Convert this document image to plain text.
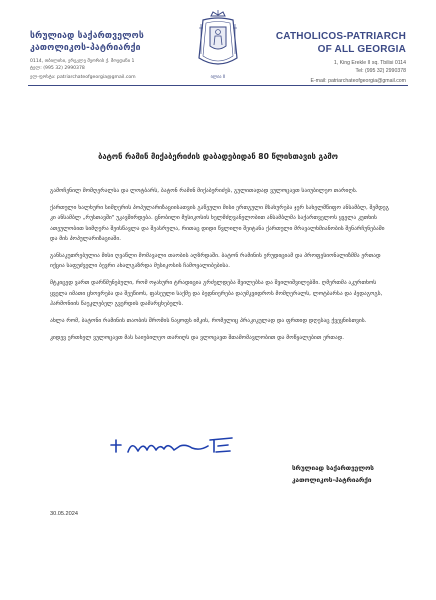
სრულიად საქართველოს
კათოლიკოს-პატრიარქი
0114, თბილისი, ერეკლე მეორის ქ. მოედანი 1
ტელ: (995 32) 2990378
ელ-ფოსტა: patriarchateofgeorgia@gmail.com	ილია II
CATHOLICOS-PATRIARCH
OF ALL GEORGIA
1, King Erekle II sq. Tbilisi 0114
Tel: (995 32) 2990378
E-mail: patriarchateofgeorgia@gmail.com
ბატონ რამინ მიქაბერიძის დაბადებიდან 80 წლისთავის გამო

გამოჩენილ მომღერალსა და ლოტბარს, ბატონ რამინ მიქაბერიძეს, გულითადად ვულოცავთ საიუბილეო თარიღს.

ქართული ხალხური სიმღერის პოპულარიზაციისათვის გაწეული მისი ერთგული მსახურება ჯერ სახელმწიფო ანსამბლ, შემდეგ კი ანსამბლ „რუსთავში" უკავშირდება. ცნობილი მუსიკოსის ხელმძღვანელობით ანსამბლმა საქართველოს ყველა კუთხის ათეულობით სიმღერა შეისწავლა და შეასრულა, რითაც დიდი წვლილი შეიტანა ქართული მრავალხმიანობის შენარჩუნებაში და მის პოპულარიზაციაში.

განსაკუთრებულია მისი ღვაწლი მომავალი თაობის აღზრდაში. ბატონ რამინის ერუდიციამ და პროფესიონალიზმმა ერთად იქცია საფუძველი ბევრი ახალგაზრდა მუსიკოსის ჩამოყალიბებისა.

მტკიცედ ვართ დარწმუნებული, რომ ოჯახური ტრადიცია გრძელდება შვილებსა და შვილიშვილებში. ღმერთმა აკურთხოს ყველა იმათი ცხოვრება და შეეწიოს, ფასეული საქმე და ბედნიერება დაუმკვიდროს მომღერალს, ლოტბარსა და პედაგოგს, ჰარმონიის წაუკლებელ გვერდის დამარცხებელს.

ახლა რომ, ბატონი რამინის თაობის შრომის ნაყოფს იმკის, რომელიც პრაკიკულად და ფრთიდ დღესაც ქვეყნისთვის.

კიდევ ერთხელ ვულოცავთ მას საიუბილეო თარიღს და ვლოცავთ შთამომავლობით და მოწყალებით ერთად.

სრულიად საქართველოს
კათოლიკოს-პატრიარქი
30.05.2024
